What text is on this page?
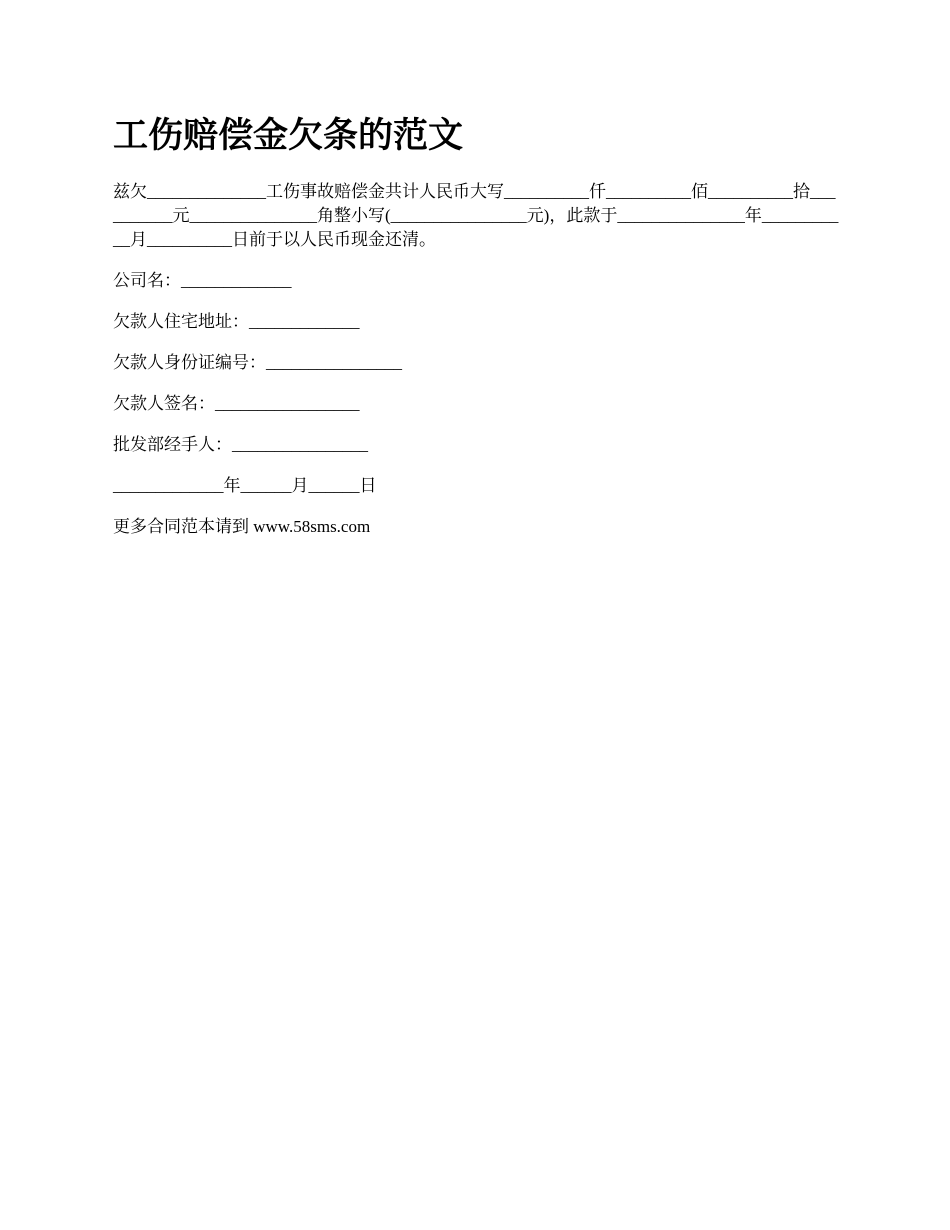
工伤赔偿金欠条的范文

兹欠______________工伤事故赔偿金共计人民币大写__________仟__________佰__________拾__________元_______________角整小写(________________元)，此款于_______________年___________月__________日前于以人民币现金还清。

公司名：_____________

欠款人住宅地址：_____________

欠款人身份证编号：________________

欠款人签名：_________________

批发部经手人：________________

_____________年______月______日

更多合同范本请到 www.58sms.com
